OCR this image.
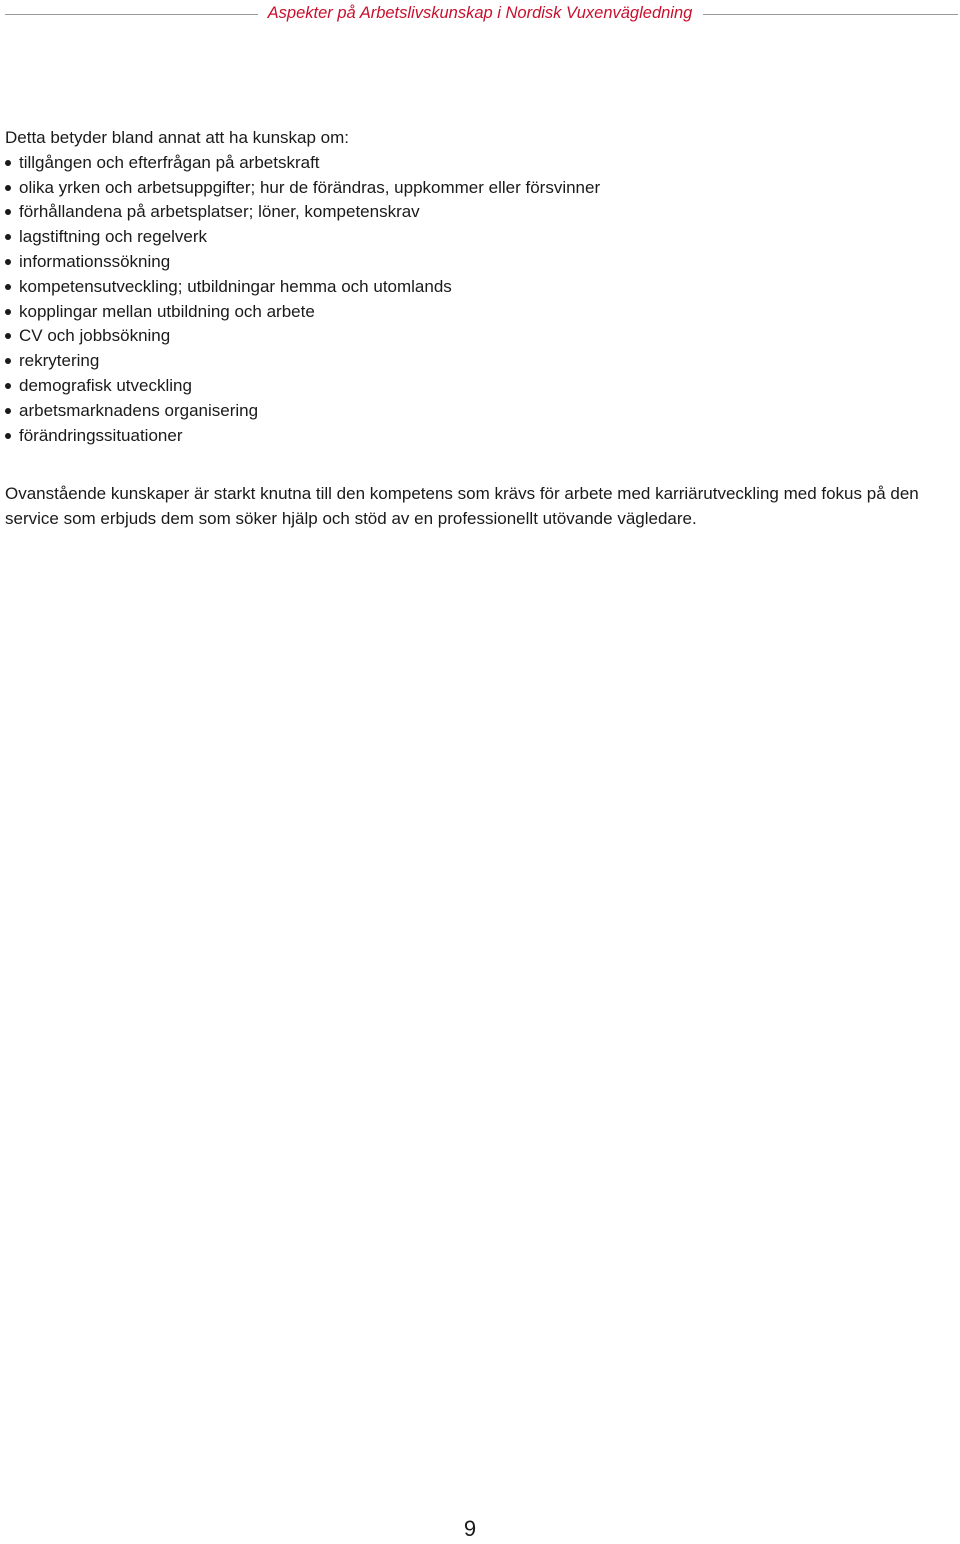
Aspekter på Arbetslivskunskap i Nordisk Vuxenvägledning

Detta betyder bland annat att ha kunskap om:

tillgången och efterfrågan på arbetskraft
olika yrken och arbetsuppgifter; hur de förändras, uppkommer eller försvinner
förhållandena på arbetsplatser; löner, kompetenskrav
lagstiftning och regelverk
informationssökning
kompetensutveckling; utbildningar hemma och utomlands
kopplingar mellan utbildning och arbete
CV och jobbsökning
rekrytering
demografisk utveckling
arbetsmarknadens organisering
förändringssituationer

Ovanstående kunskaper är starkt knutna till den kompetens som krävs för arbete med karriärutveckling med fokus på den service som erbjuds dem som söker hjälp och stöd av en professionellt utövande vägledare.

9
